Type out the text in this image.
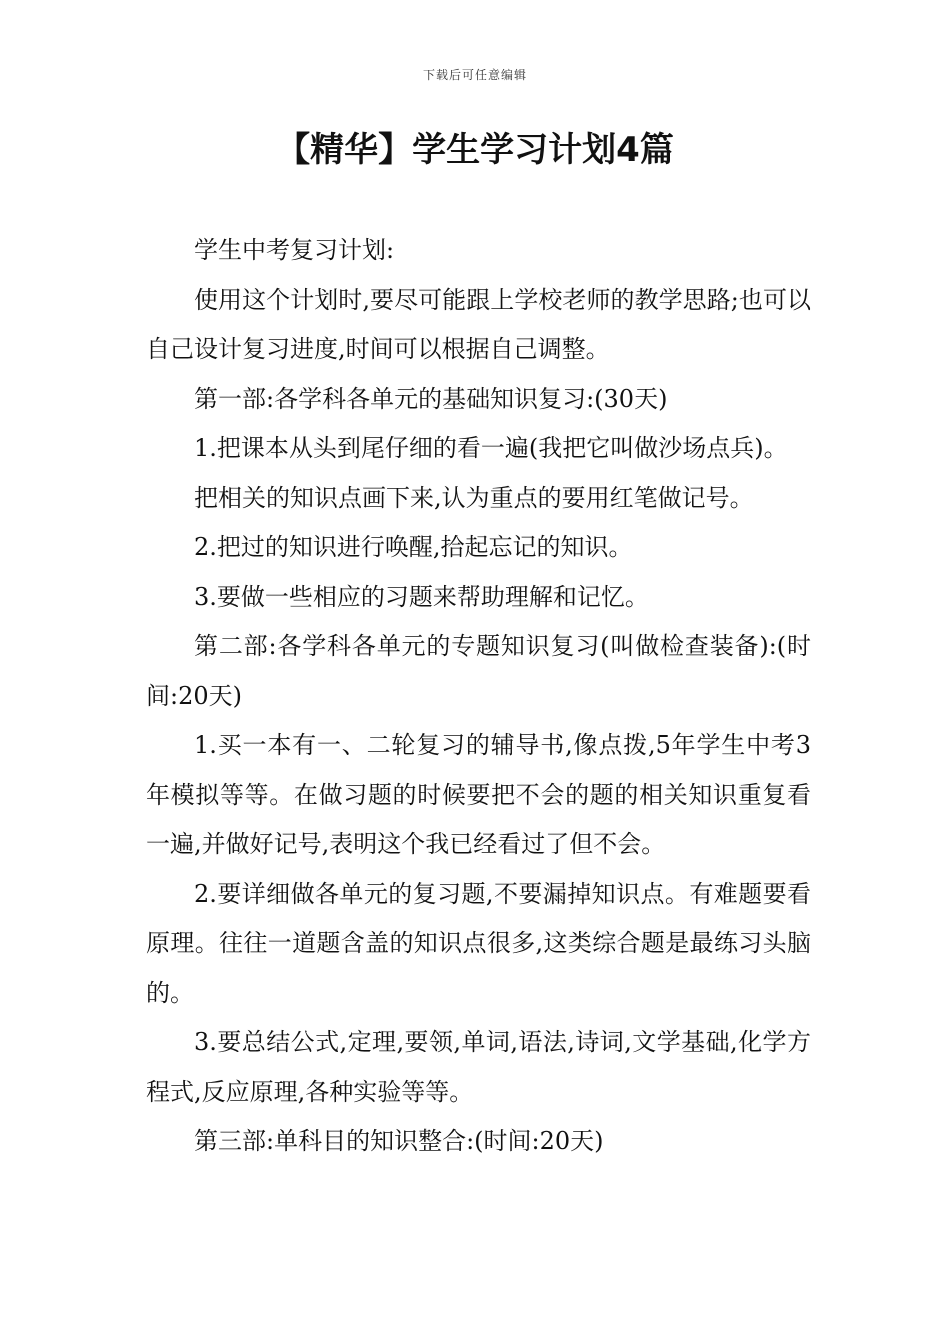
下载后可任意编辑
【精华】学生学习计划4篇

学生中考复习计划:

使用这个计划时,要尽可能跟上学校老师的教学思路;也可以自己设计复习进度,时间可以根据自己调整。

第一部:各学科各单元的基础知识复习:(30天)

1.把课本从头到尾仔细的看一遍(我把它叫做沙场点兵)。

把相关的知识点画下来,认为重点的要用红笔做记号。

2.把过的知识进行唤醒,拾起忘记的知识。

3.要做一些相应的习题来帮助理解和记忆。

第二部:各学科各单元的专题知识复习(叫做检查装备):(时间:20天)

1.买一本有一、二轮复习的辅导书,像点拨,5年学生中考3年模拟等等。在做习题的时候要把不会的题的相关知识重复看一遍,并做好记号,表明这个我已经看过了但不会。

2.要详细做各单元的复习题,不要漏掉知识点。有难题要看原理。往往一道题含盖的知识点很多,这类综合题是最练习头脑的。

3.要总结公式,定理,要领,单词,语法,诗词,文学基础,化学方程式,反应原理,各种实验等等。

第三部:单科目的知识整合:(时间:20天)
